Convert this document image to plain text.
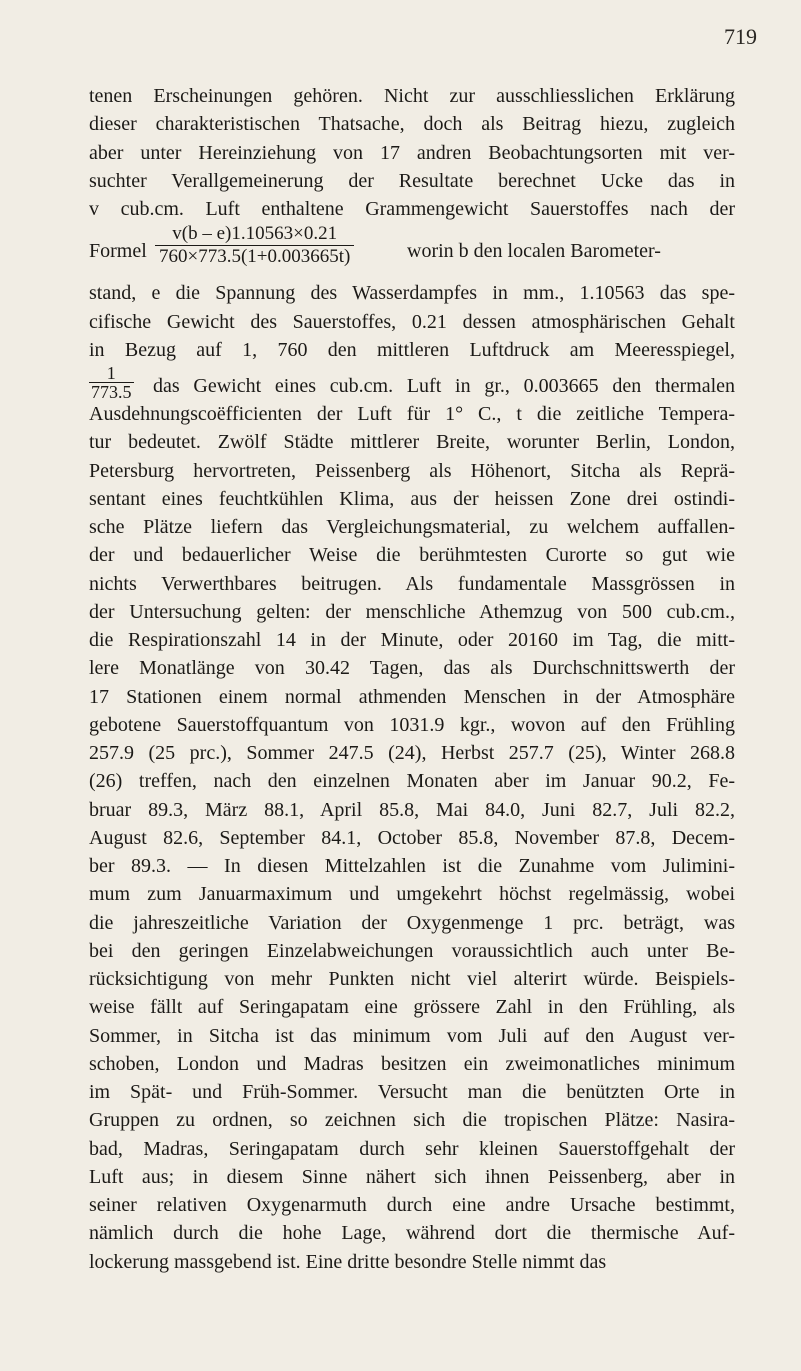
719
tenen Erscheinungen gehören. Nicht zur ausschliesslichen Erklärung
dieser charakteristischen Thatsache, doch als Beitrag hiezu, zugleich
aber unter Hereinziehung von 17 andren Beobachtungsorten mit ver-
suchter Verallgemeinerung der Resultate berechnet Ucke das in
v cub.cm. Luft enthaltene Grammengewicht Sauerstoffes nach der
Formel $\frac{v(b - e)1.10563\times 0.21}{760\times 773.5(1+0.003665t)}$	worin b den localen Barometer-
stand, e die Spannung des Wasserdampfes in mm., 1.10563 das spe-
cifische Gewicht des Sauerstoffes, 0.21 dessen atmosphärischen Gehalt
in Bezug auf 1, 760 den mittleren Luftdruck am Meeresspiegel,
$\frac{1}{773.5}$ das Gewicht eines cub.cm. Luft in gr., 0.003665 den thermalen
Ausdehnungscoëfficienten der Luft für 1° C., t die zeitliche Tempera-
tur bedeutet. Zwölf Städte mittlerer Breite, worunter Berlin, London,
Petersburg hervortreten, Peissenberg als Höhenort, Sitcha als Reprä-
sentant eines feuchtkühlen Klima, aus der heissen Zone drei ostindi-
sche Plätze liefern das Vergleichungsmaterial, zu welchem auffallen-
der und bedauerlicher Weise die berühmtesten Curorte so gut wie
nichts Verwerthbares beitrugen. Als fundamentale Massgrössen in
der Untersuchung gelten: der menschliche Athemzug von 500 cub.cm.,
die Respirationszahl 14 in der Minute, oder 20160 im Tag, die mitt-
lere Monatlänge von 30.42 Tagen, das als Durchschnittswerth der
17 Stationen einem normal athmenden Menschen in der Atmosphäre
gebotene Sauerstoffquantum von 1031.9 kgr., wovon auf den Frühling
257.9 (25 prc.), Sommer 247.5 (24), Herbst 257.7 (25), Winter 268.8
(26) treffen, nach den einzelnen Monaten aber im Januar 90.2, Fe-
bruar 89.3, März 88.1, April 85.8, Mai 84.0, Juni 82.7, Juli 82.2,
August 82.6, September 84.1, October 85.8, November 87.8, Decem-
ber 89.3. — In diesen Mittelzahlen ist die Zunahme vom Julimini-
mum zum Januarmaximum und umgekehrt höchst regelmässig, wobei
die jahreszeitliche Variation der Oxygenmenge 1 prc. beträgt, was
bei den geringen Einzelabweichungen voraussichtlich auch unter Be-
rücksichtigung von mehr Punkten nicht viel alterirt würde. Beispiels-
weise fällt auf Seringapatam eine grössere Zahl in den Frühling, als
Sommer, in Sitcha ist das minimum vom Juli auf den August ver-
schoben, London und Madras besitzen ein zweimonatliches minimum
im Spät- und Früh-Sommer. Versucht man die benützten Orte in
Gruppen zu ordnen, so zeichnen sich die tropischen Plätze: Nasira-
bad, Madras, Seringapatam durch sehr kleinen Sauerstoffgehalt der
Luft aus; in diesem Sinne nähert sich ihnen Peissenberg, aber in
seiner relativen Oxygenarmuth durch eine andre Ursache bestimmt,
nämlich durch die hohe Lage, während dort die thermische Auf-
lockerung massgebend ist. Eine dritte besondre Stelle nimmt das
